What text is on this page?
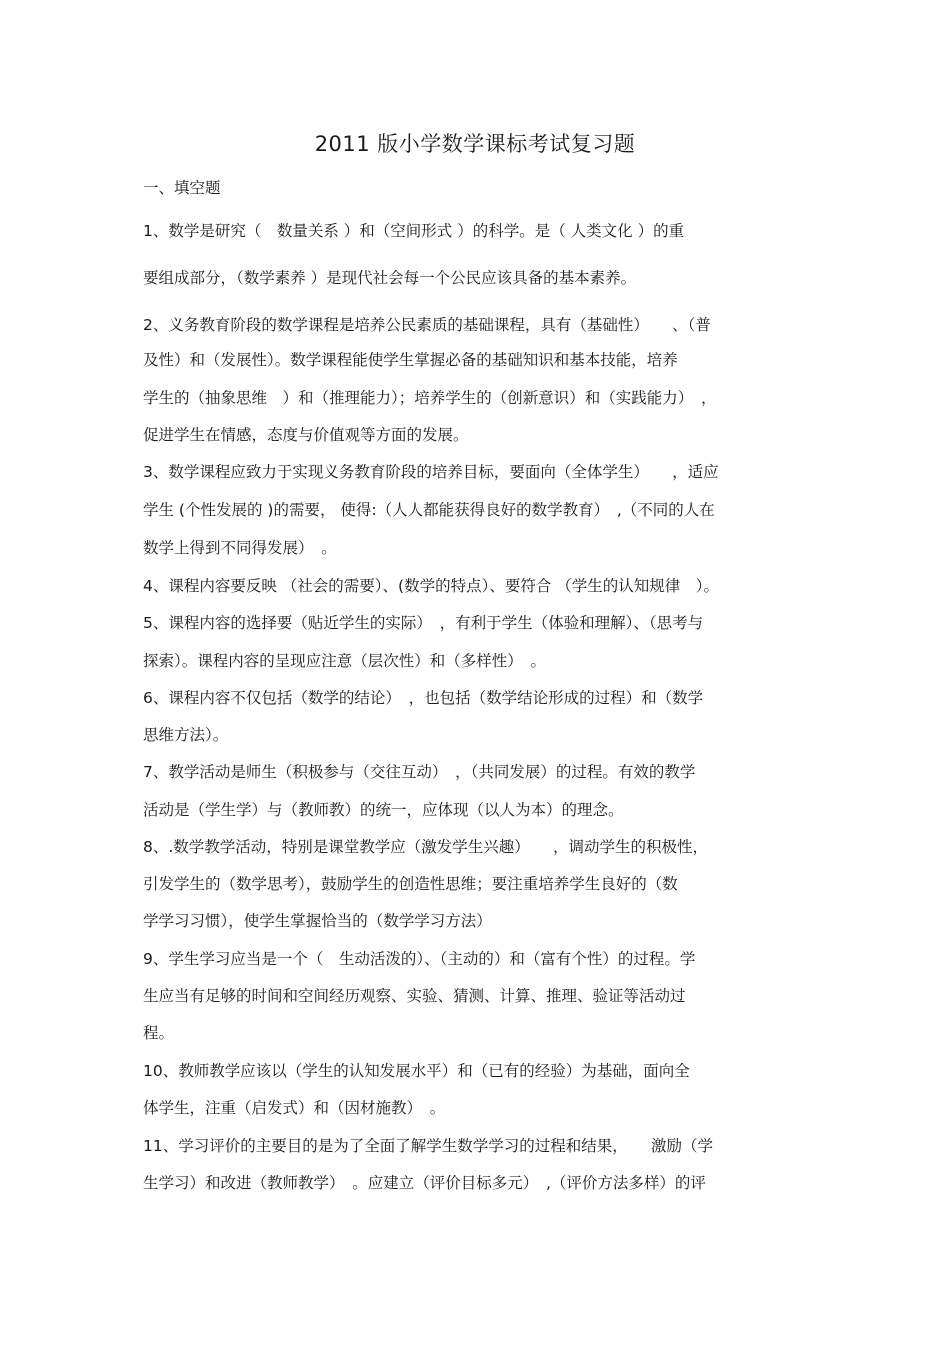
2011 版小学数学课标考试复习题
一、填空题
1、数学是研究（　数量关系 ）和（空间形式 ）的科学。是（ 人类文化 ）的重
要组成部分，（数学素养 ）是现代社会每一个公民应该具备的基本素养。
2、义务教育阶段的数学课程是培养公民素质的基础课程，具有（基础性）　　、（普
及性）和（发展性）。数学课程能使学生掌握必备的基础知识和基本技能，培养
学生的（抽象思维　）和（推理能力）；培养学生的（创新意识）和（实践能力）　，
促进学生在情感，态度与价值观等方面的发展。
3、数学课程应致力于实现义务教育阶段的培养目标，要面向（全体学生）　　，适应
学生 (个性发展的 )的需要， 使得:（人人都能获得良好的数学教育）　,（不同的人在
数学上得到不同得发展）　。
4、课程内容要反映 （社会的需要）、(数学的特点）、要符合 （学生的认知规律　）。
5、课程内容的选择要（贴近学生的实际）　，有利于学生（体验和理解）、（思考与
探索）。课程内容的呈现应注意（层次性）和（多样性）　。
6、课程内容不仅包括（数学的结论）　，也包括（数学结论形成的过程）和（数学
思维方法）。
7、教学活动是师生（积极参与（交往互动）　，（共同发展）的过程。有效的教学
活动是（学生学）与（教师教）的统一，应体现（以人为本）的理念。
8、.数学教学活动，特别是课堂教学应（激发学生兴趣）　　，调动学生的积极性，
引发学生的（数学思考），鼓励学生的创造性思维；要注重培养学生良好的（数
学学习习惯），使学生掌握恰当的（数学学习方法）
9、学生学习应当是一个（　生动活泼的）、（主动的）和（富有个性）的过程。学
生应当有足够的时间和空间经历观察、实验、猜测、计算、推理、验证等活动过
程。
10、教师教学应该以（学生的认知发展水平）和（已有的经验）为基础，面向全
体学生，注重（启发式）和（因材施教）　。
11、学习评价的主要目的是为了全面了解学生数学学习的过程和结果，　　激励（学
生学习）和改进（教师教学）　。应建立（评价目标多元）　,（评价方法多样）的评
